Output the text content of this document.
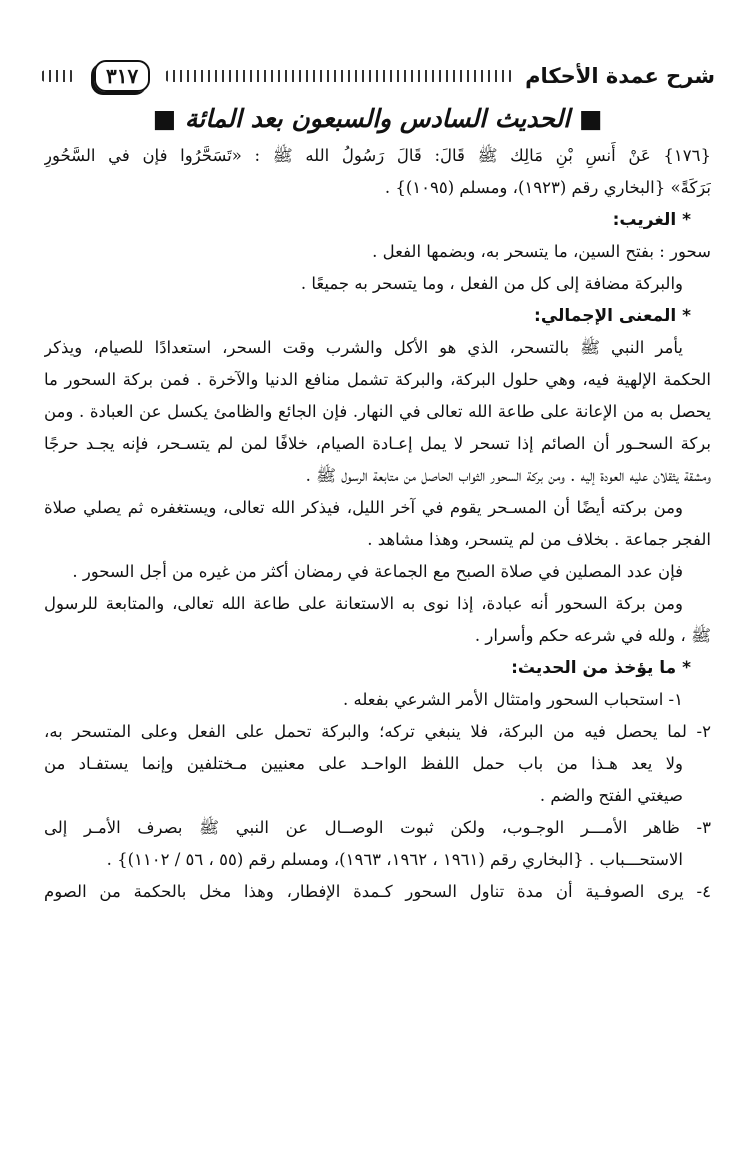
شرح عمدة الأحكام
٣١٧
■ الحديث السادس والسبعون بعد المائة ■
{١٧٦} عَنْ أَنسِ بْنِ مَالِك ﷺ قَالَ: قَالَ رَسُولُ الله ﷺ : «تَسَحَّرُوا فإن في السَّحُورِ
بَرَكَةً» {البخاري رقم (١٩٢٣)، ومسلم (١٠٩٥)} .
* الغريب:
سحور : بفتح السين، ما يتسحر به، وبضمها الفعل .
والبركة مضافة إلى كل من الفعل ، وما يتسحر به جميعًا .
* المعنى الإجمالي:
يأمر النبي ﷺ بالتسحر، الذي هو الأكل والشرب وقت السحر، استعدادًا للصيام، ويذكر
الحكمة الإلهية فيه، وهي حلول البركة، والبركة تشمل منافع الدنيا والآخرة . فمن بركة السحور ما
يحصل به من الإعانة على طاعة الله تعالى في النهار. فإن الجائع والظامئ يكسل عن العبادة . ومن
بركة السحـور أن الصائم إذا تسحر لا يمل إعـادة الصيام، خلافًا لمن لم يتسـحر، فإنه يجـد حرجًا
ومشقة يثقلان عليه العودة إليه . ومن بركة السحور الثواب الحاصل من متابعة الرسول ﷺ .
ومن بركته أيضًا أن المسـحر يقوم في آخر الليل، فيذكر الله تعالى، ويستغفره ثم يصلي صلاة
الفجر جماعة . بخلاف من لم يتسحر، وهذا مشاهد .
فإن عدد المصلين في صلاة الصبح مع الجماعة في رمضان أكثر من غيره من أجل السحور .
ومن بركة السحور أنه عبادة، إذا نوى به الاستعانة على طاعة الله تعالى، والمتابعة للرسول
ﷺ ، ولله في شرعه حكم وأسرار .
* ما يؤخذ من الحديث:
١- استحباب السحور وامتثال الأمر الشرعي بفعله .
٢- لما يحصل فيه من البركة، فلا ينبغي تركه؛ والبركة تحمل على الفعل وعلى المتسحر به،
ولا يعد هـذا من باب حمل اللفظ الواحـد على معنيين مـختلفين وإنما يستفـاد من
صيغتي الفتح والضم .
٣- ظاهر الأمـــر الوجـوب، ولكن ثبوت الوصــال عن النبي ﷺ بصرف الأمـر إلى
الاستحـــباب . {البخاري رقم (١٩٦١ ، ١٩٦٢، ١٩٦٣)، ومسلم رقم (٥٥ ، ٥٦ / ١١٠٢)} .
٤- يرى الصوفـية أن مدة تناول السحور كـمدة الإفطار، وهذا مخل بالحكمة من الصوم
